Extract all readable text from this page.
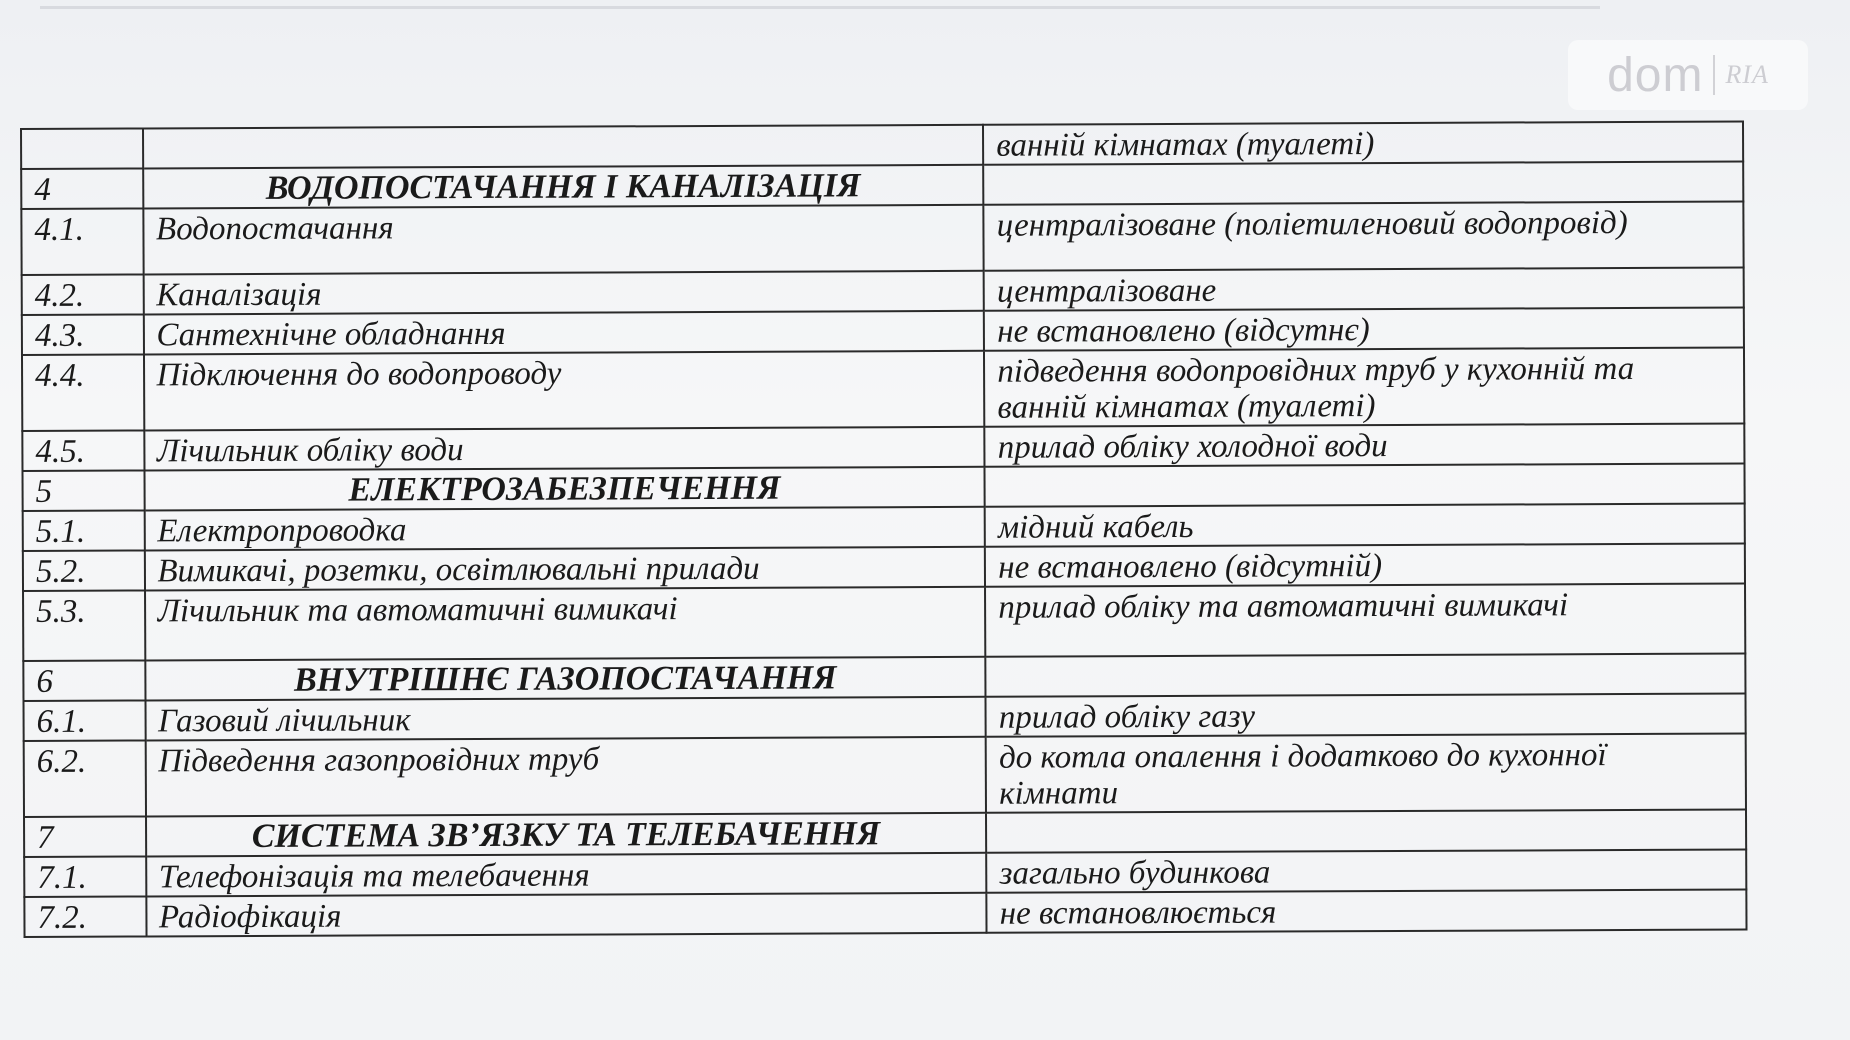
dom RIA
		ванній кімнатах (туалеті)
4	ВОДОПОСТАЧАННЯ І КАНАЛІЗАЦІЯ	
4.1.	Водопостачання	централізоване (поліетиленовий водопровід)
4.2.	Каналізація	централізоване
4.3.	Сантехнічне обладнання	не встановлено (відсутнє)
4.4.	Підключення до водопроводу	підведення водопровідних труб у кухонній та ванній кімнатах (туалеті)
4.5.	Лічильник обліку води	прилад обліку холодної води
5	ЕЛЕКТРОЗАБЕЗПЕЧЕННЯ	
5.1.	Електропроводка	мідний кабель
5.2.	Вимикачі, розетки, освітлювальні прилади	не встановлено (відсутній)
5.3.	Лічильник та автоматичні вимикачі	прилад обліку та автоматичні вимикачі
6	ВНУТРІШНЄ ГАЗОПОСТАЧАННЯ	
6.1.	Газовий лічильник	прилад обліку газу
6.2.	Підведення газопровідних труб	до котла опалення і додатково до кухонної кімнати
7	СИСТЕМА ЗВ’ЯЗКУ ТА ТЕЛЕБАЧЕННЯ	
7.1.	Телефонізація та телебачення	загально будинкова
7.2.	Радіофікація	не встановлюється
